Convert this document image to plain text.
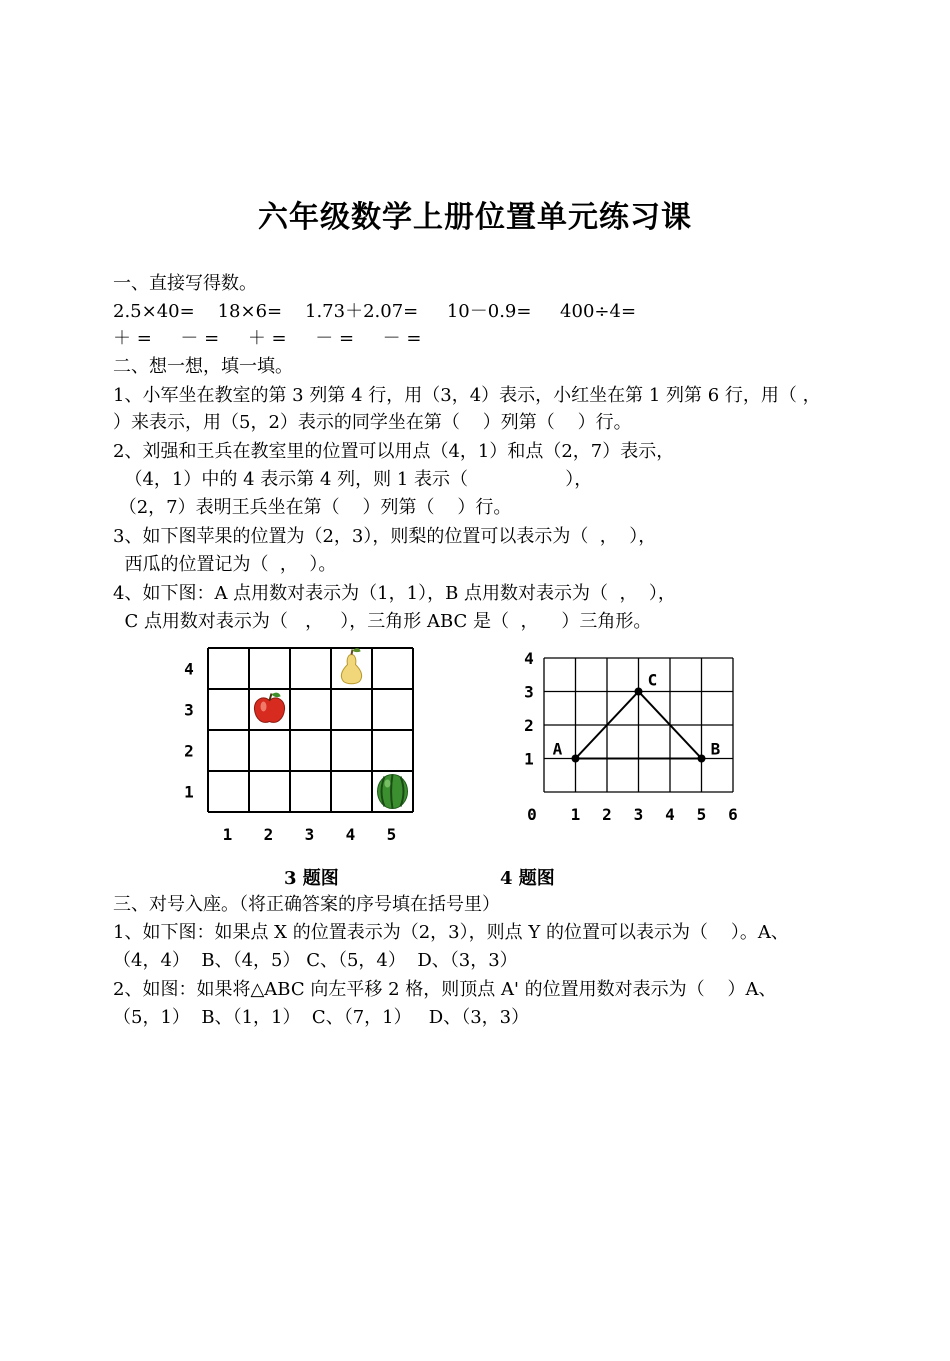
六年级数学上册位置单元练习课
一、直接写得数。
2.5×40=    18×6=    1.73＋2.07=     10－0.9=     400÷4=
＋ =     － =     ＋ =     － =     － =
二、想一想，填一填。
1、小军坐在教室的第 3 列第 4 行，用（3，4）表示，小红坐在第 1 列第 6 行，用（ ，
）来表示，用（5，2）表示的同学坐在第（    ）列第（    ）行。
2、刘强和王兵在教室里的位置可以用点（4，1）和点（2，7）表示，
（4，1）中的 4 表示第 4 列，则 1 表示（                 ），
（2，7）表明王兵坐在第（    ）列第（    ）行。
3、如下图苹果的位置为（2，3），则梨的位置可以表示为（  ，  ），
西瓜的位置记为（  ，  ）。
4、如下图：A 点用数对表示为（1，1），B 点用数对表示为（  ，  ），
C 点用数对表示为（   ，   ），三角形 ABC 是（  ，    ）三角形。
4
3
2
1
1 2 3 4 5
A	B
C
4
3
2
1
0 1 2 3 4 5 6
3 题图	4 题图
三、对号入座。（将正确答案的序号填在括号里）
1、如下图：如果点 X 的位置表示为（2，3），则点 Y 的位置可以表示为（    ）。A、
（4，4）  B、（4，5） C、（5，4）  D、（3，3）
2、如图：如果将△ABC 向左平移 2 格，则顶点 A' 的位置用数对表示为（    ）A、
（5，1）  B、（1，1）  C、（7，1）   D、（3，3）
